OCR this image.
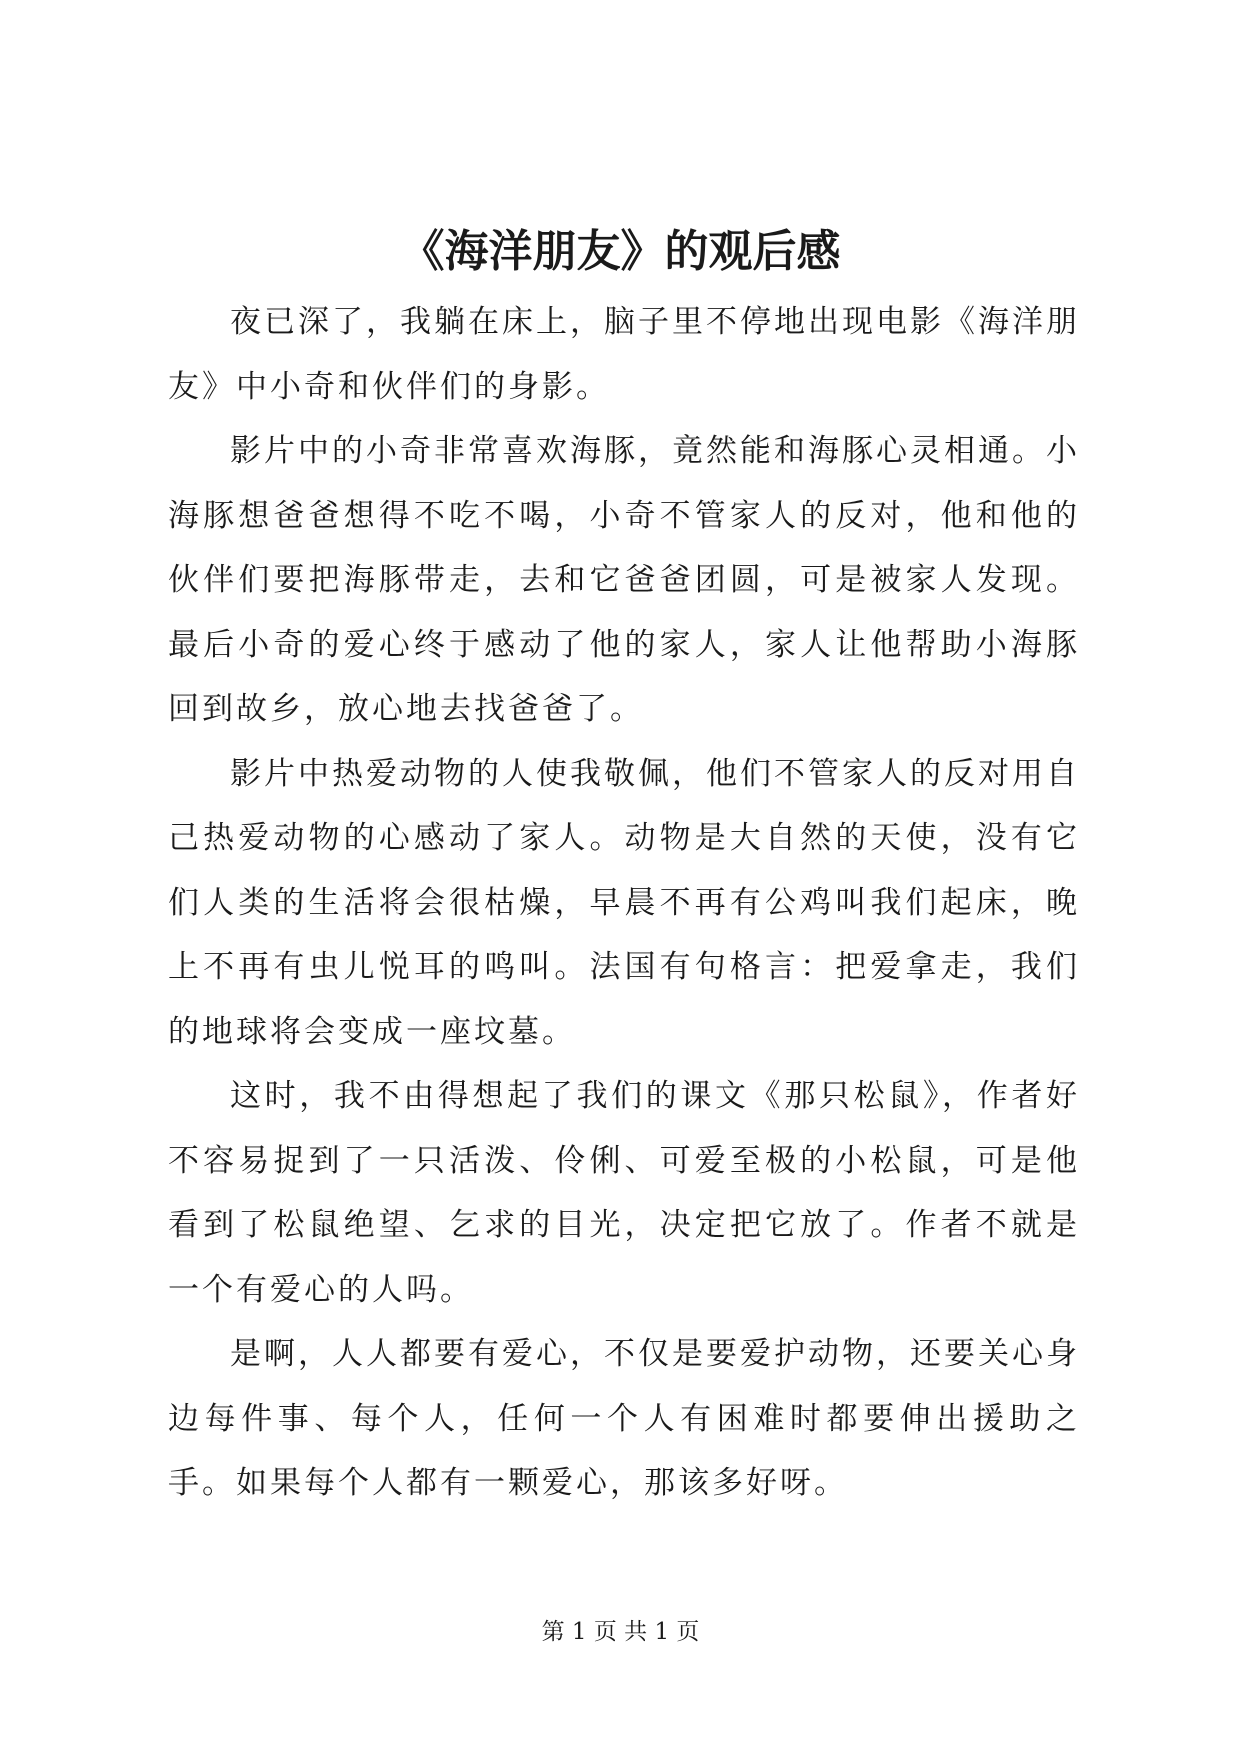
《海洋朋友》的观后感

夜已深了，我躺在床上，脑子里不停地出现电影《海洋朋友》中小奇和伙伴们的身影。

影片中的小奇非常喜欢海豚，竟然能和海豚心灵相通。小海豚想爸爸想得不吃不喝，小奇不管家人的反对，他和他的伙伴们要把海豚带走，去和它爸爸团圆，可是被家人发现。最后小奇的爱心终于感动了他的家人，家人让他帮助小海豚回到故乡，放心地去找爸爸了。

影片中热爱动物的人使我敬佩，他们不管家人的反对用自己热爱动物的心感动了家人。动物是大自然的天使，没有它们人类的生活将会很枯燥，早晨不再有公鸡叫我们起床，晚上不再有虫儿悦耳的鸣叫。法国有句格言：把爱拿走，我们的地球将会变成一座坟墓。

这时，我不由得想起了我们的课文《那只松鼠》，作者好不容易捉到了一只活泼、伶俐、可爱至极的小松鼠，可是他看到了松鼠绝望、乞求的目光，决定把它放了。作者不就是一个有爱心的人吗。

是啊，人人都要有爱心，不仅是要爱护动物，还要关心身边每件事、每个人，任何一个人有困难时都要伸出援助之手。如果每个人都有一颗爱心，那该多好呀。

第 1 页 共 1 页
